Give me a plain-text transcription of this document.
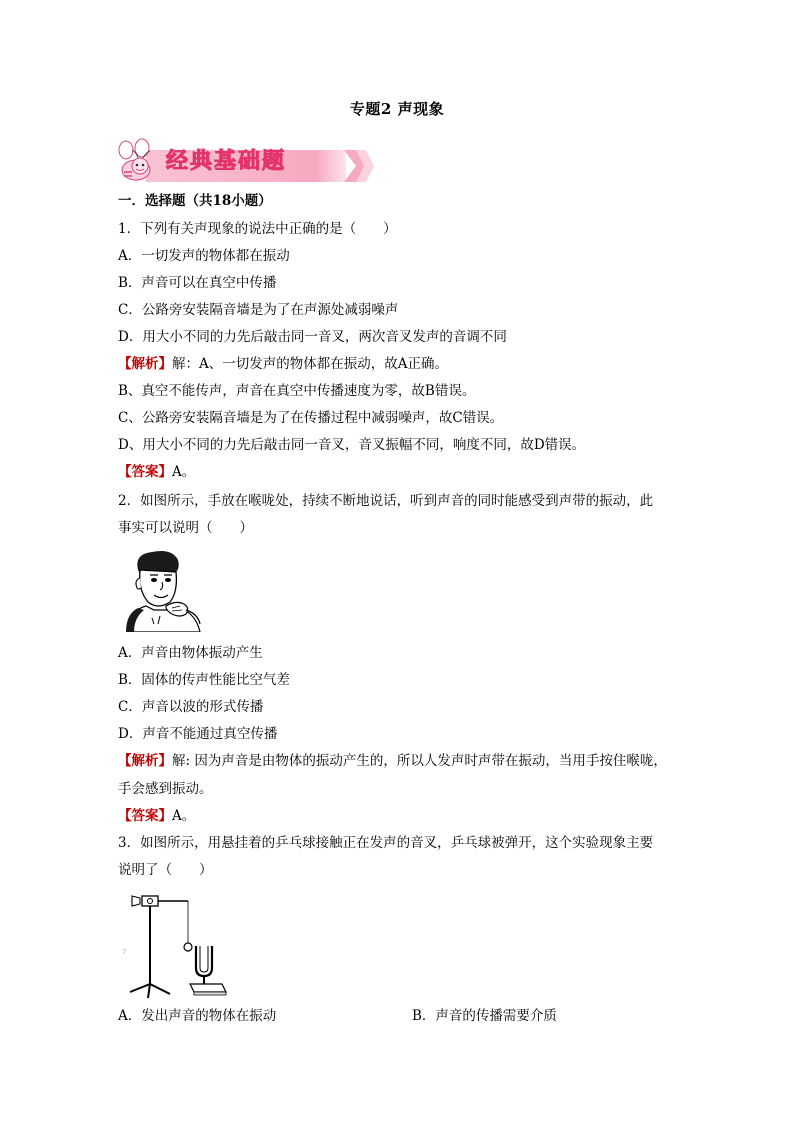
专题2 声现象
经典基础题
一．选择题（共18小题）
1．下列有关声现象的说法中正确的是（　　）
A．一切发声的物体都在振动
B．声音可以在真空中传播
C．公路旁安装隔音墙是为了在声源处减弱噪声
D．用大小不同的力先后敲击同一音叉，两次音叉发声的音调不同
【解析】解：A、一切发声的物体都在振动，故A正确。
B、真空不能传声，声音在真空中传播速度为零，故B错误。
C、公路旁安装隔音墙是为了在传播过程中减弱噪声，故C错误。
D、用大小不同的力先后敲击同一音叉，音叉振幅不同，响度不同，故D错误。
【答案】A。
2．如图所示，手放在喉咙处，持续不断地说话，听到声音的同时能感受到声带的振动，此
事实可以说明（　　）
A．声音由物体振动产生
B．固体的传声性能比空气差
C．声音以波的形式传播
D．声音不能通过真空传播
【解析】解: 因为声音是由物体的振动产生的，所以人发声时声带在振动，当用手按住喉咙，
手会感到振动。
【答案】A。
3．如图所示，用悬挂着的乒乓球接触正在发声的音叉，乒乓球被弹开，这个实验现象主要
说明了（　　）
7
A．发出声音的物体在振动	B．声音的传播需要介质
